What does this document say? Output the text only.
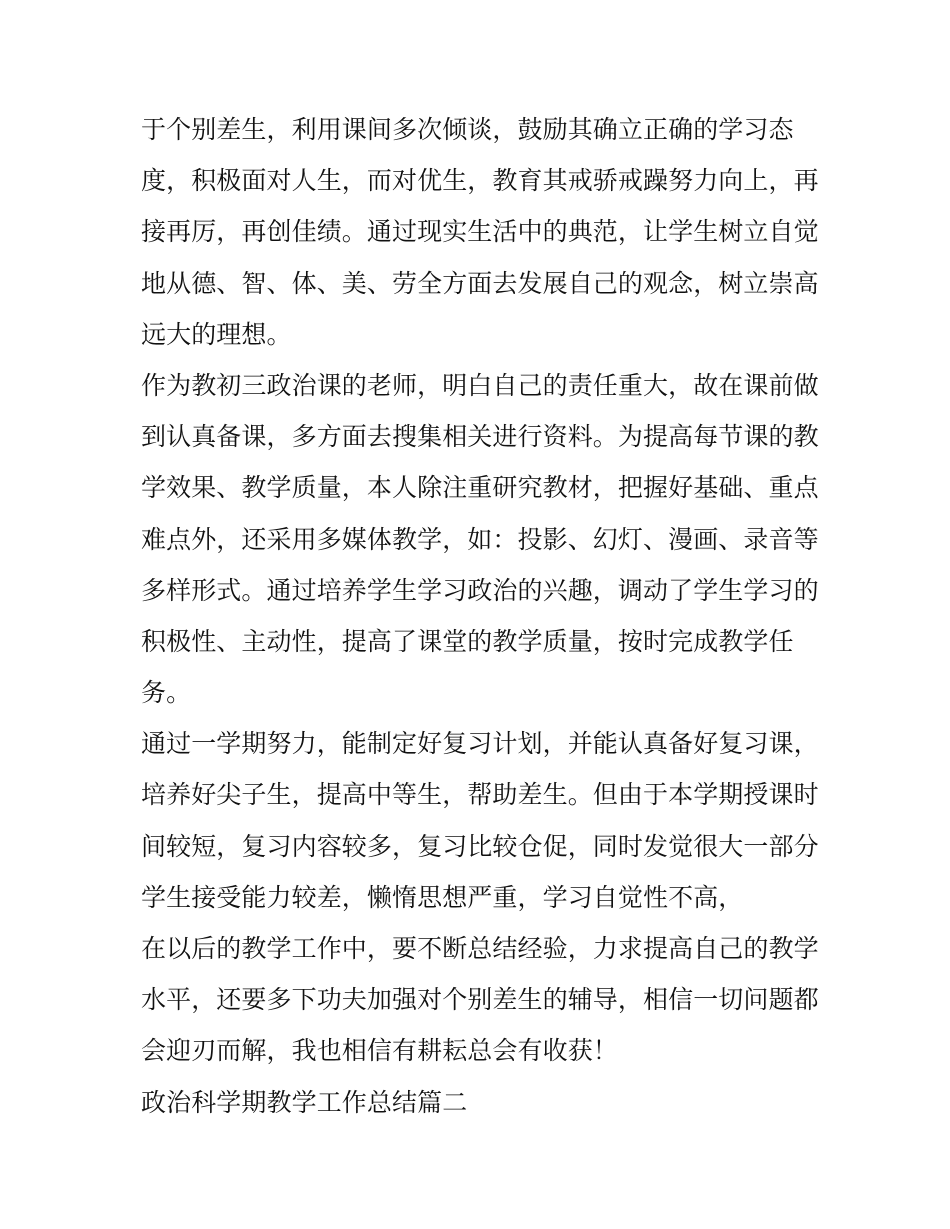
于个别差生，利用课间多次倾谈，鼓励其确立正确的学习态
度，积极面对人生，而对优生，教育其戒骄戒躁努力向上，再
接再厉，再创佳绩。通过现实生活中的典范，让学生树立自觉
地从德、智、体、美、劳全方面去发展自己的观念，树立崇高
远大的理想。
作为教初三政治课的老师，明白自己的责任重大，故在课前做
到认真备课，多方面去搜集相关进行资料。为提高每节课的教
学效果、教学质量，本人除注重研究教材，把握好基础、重点
难点外，还采用多媒体教学，如：投影、幻灯、漫画、录音等
多样形式。通过培养学生学习政治的兴趣，调动了学生学习的
积极性、主动性，提高了课堂的教学质量，按时完成教学任
务。
通过一学期努力，能制定好复习计划，并能认真备好复习课，
培养好尖子生，提高中等生，帮助差生。但由于本学期授课时
间较短，复习内容较多，复习比较仓促，同时发觉很大一部分
学生接受能力较差，懒惰思想严重，学习自觉性不高，
在以后的教学工作中，要不断总结经验，力求提高自己的教学
水平，还要多下功夫加强对个别差生的辅导，相信一切问题都
会迎刃而解，我也相信有耕耘总会有收获！
政治科学期教学工作总结篇二
